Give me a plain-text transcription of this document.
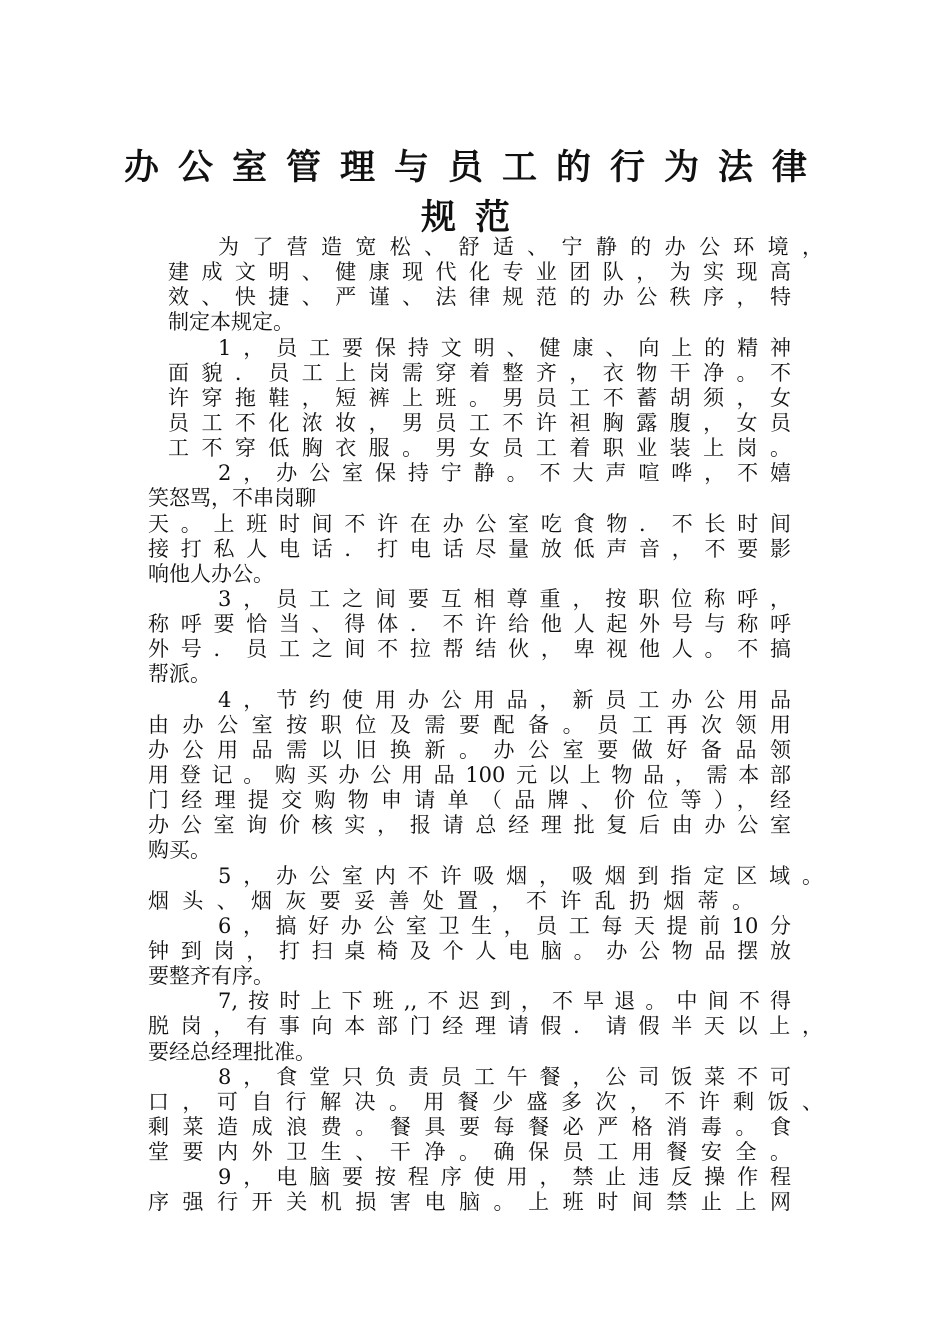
办公室管理与员工的行为法律
规范
为了营造宽松、舒适、宁静的办公环境，
建成文明、健康现代化专业团队，为实现高
效、快捷、严谨、法律规范的办公秩序，特
制定本规定。
1，员工要保持文明、健康、向上的精神
面貌．员工上岗需穿着整齐，衣物干净。不
许穿拖鞋，短裤上班。男员工不蓄胡须，女
员工不化浓妆，男员工不许袒胸露腹，女员
工不穿低胸衣服。男女员工着职业装上岗。
2，办公室保持宁静。不大声喧哗，不嬉
笑怒骂，不串岗聊
天。上班时间不许在办公室吃食物．不长时间
接打私人电话．打电话尽量放低声音，不要影
响他人办公。
3，员工之间要互相尊重，按职位称呼，
称呼要恰当、得体．不许给他人起外号与称呼
外号．员工之间不拉帮结伙，卑视他人。不搞
帮派。
4，节约使用办公用品，新员工办公用品
由办公室按职位及需要配备。员工再次领用
办公用品需以旧换新。办公室要做好备品领
用登记。购买办公用品100元以上物品，需本部
门经理提交购物申请单（品牌、价位等），经
办公室询价核实，报请总经理批复后由办公室
购买。
5，办公室内不许吸烟，吸烟到指定区域。
烟头、烟灰要妥善处置，不许乱扔烟蒂。
6，搞好办公室卫生，员工每天提前10分
钟到岗，打扫桌椅及个人电脑。办公物品摆放
要整齐有序。
7,按时上下班,,不迟到，不早退。中间不得
脱岗，有事向本部门经理请假．请假半天以上，
要经总经理批准。
8，食堂只负责员工午餐，公司饭菜不可
口，可自行解决。用餐少盛多次，不许剩饭、
剩菜造成浪费。餐具要每餐必严格消毒。食
堂要内外卫生、干净。确保员工用餐安全。
9，电脑要按程序使用，禁止违反操作程
序强行开关机损害电脑。上班时间禁止上网
